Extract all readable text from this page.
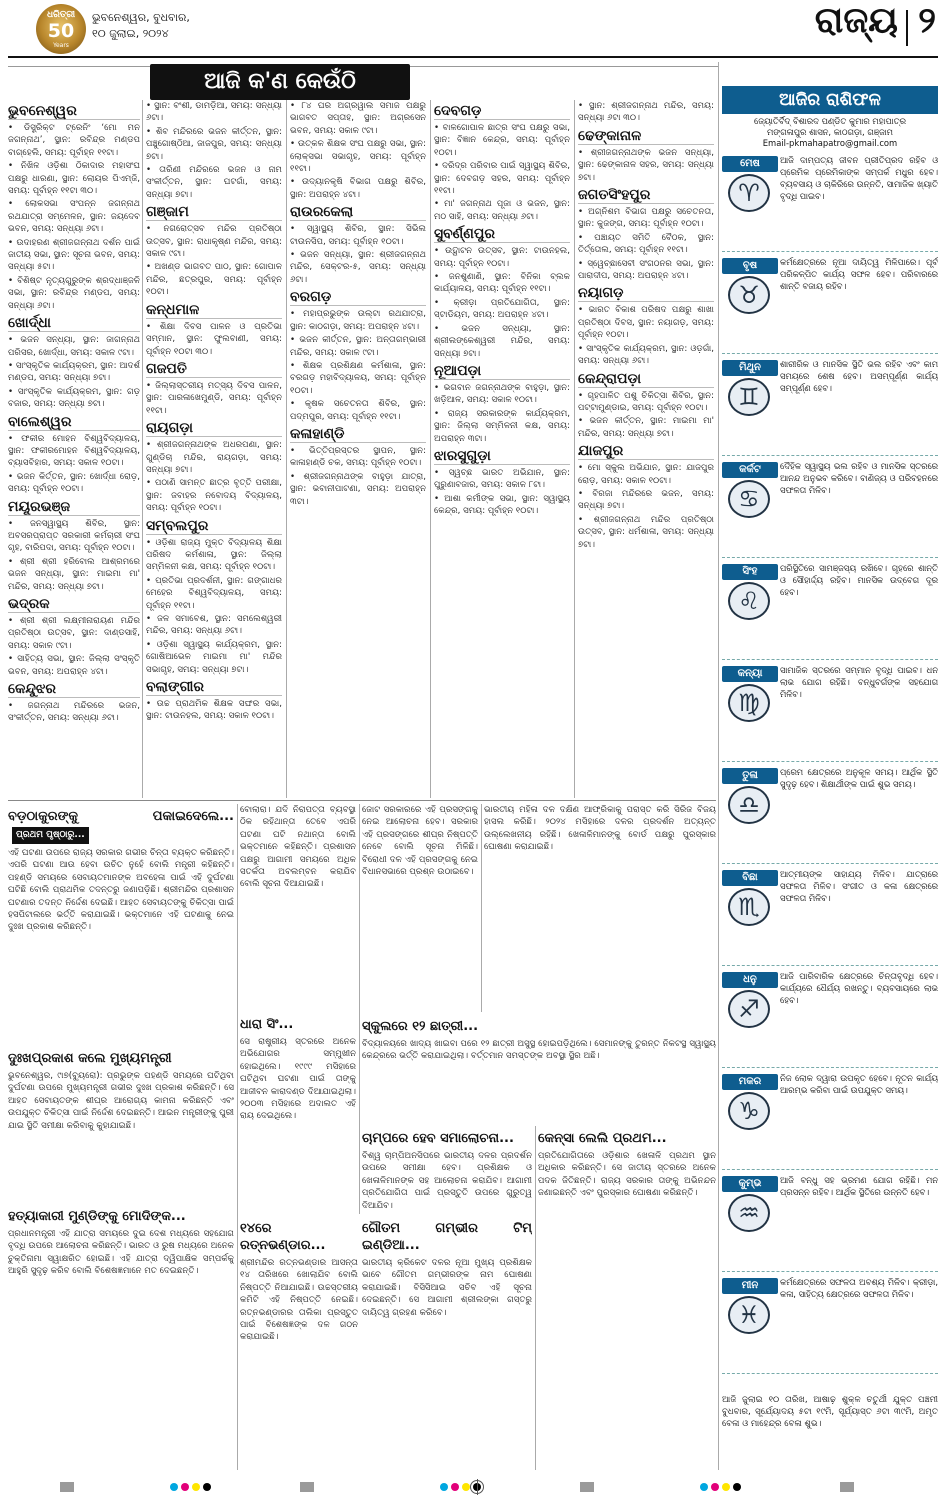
ଧରିତ୍ରୀ
50
Years
ଭୁବନେଶ୍ୱର, ବୁଧବାର,
୧୦ ଜୁଲାଇ, ୨୦୨୪	ରାଜ୍ୟ ୨
ଆଜି କ'ଣ କେଉଁଠି
ଭୁବନେଶ୍ୱର

• ଡିସ୍ଟ୍ରିକ୍ଟ ଟ୍ରେନିଂ ‘ମୋ ମନ ଜଗନ୍ନାଥ’, ସ୍ଥାନ: ରବିନ୍ଦ୍ର ମଣ୍ଡପ ବାଗ୍‌ହେଲି, ସମୟ: ପୂର୍ବାହ୍ନ ୧୧ଟା।

• ନିଖିଳ ଓଡ଼ିଶା ଠିକାଦାର ମହାସଂଘ ପକ୍ଷରୁ ଧାରଣା, ସ୍ଥାନ: ଲୋୟର ପିଏମ୍‌ଜି, ସମୟ: ପୂର୍ବାହ୍ନ ୧୧ଟା ୩୦।

• ଲୋକସଭା ସଂପନ୍ନ ଜଗନ୍ନାଥ ରଥଯାତ୍ରା ସମ୍ମେଳନ, ସ୍ଥାନ: ଜୟଦେବ ଭବନ, ସମୟ: ସନ୍ଧ୍ୟା ୬ଟା।

• ଉଦାହରଣ ଶ୍ରୀଜଗନ୍ନାଥ ଦର୍ଶନ ପାଇଁ ଜାତୀୟ ସଭା, ସ୍ଥାନ: ସୂଚନା ଭବନ, ସମୟ: ସନ୍ଧ୍ୟା ୫ଟା।

• ବିଶିଷ୍ଟ ନୃତ୍ୟଗୁରୁଙ୍କ ଶ୍ରଦ୍ଧାଞ୍ଜଳି ସଭା, ସ୍ଥାନ: ରବିନ୍ଦ୍ର ମଣ୍ଡପ, ସମୟ: ସନ୍ଧ୍ୟା ୬ଟା।

ଖୋର୍ଦ୍ଧା

• ଭଜନ ସନ୍ଧ୍ୟା, ସ୍ଥାନ: ଜାଗନ୍ନାଥ ପରିସର, ଖୋର୍ଦ୍ଧା, ସମୟ: ସକାଳ ୯ଟା।

• ସାଂସ୍କୃତିକ କାର୍ଯ୍ୟକ୍ରମ, ସ୍ଥାନ: ଆଦର୍ଶ ମଣ୍ଡପ, ସମୟ: ସନ୍ଧ୍ୟା ୭ଟା।

• ସାଂସ୍କୃତିକ କାର୍ଯ୍ୟକ୍ରମ, ସ୍ଥାନ: ଗଡ଼ ବଜାର, ସମୟ: ସନ୍ଧ୍ୟା ୭ଟା।

ବାଲେଶ୍ୱର

• ଫକୀର ମୋହନ ବିଶ୍ୱବିଦ୍ୟାଳୟ, ସ୍ଥାନ: ଫକୀରମୋହନ ବିଶ୍ୱବିଦ୍ୟାଳୟ, ବ୍ୟାସବିହାର, ସମୟ: ସକାଳ ୧୦ଟା।

• ଭଜନ କିର୍ତ୍ତନ, ସ୍ଥାନ: ଖୋର୍ଦ୍ଧା ରୋଡ଼, ସମୟ: ପୂର୍ବାହ୍ନ ୧୦ଟା।

ମୟୂରଭଞ୍ଜ

• ଜନସ୍ୱାସ୍ଥ୍ୟ ଶିବିର, ସ୍ଥାନ: ଅବସରପ୍ରାପ୍ତ ସରକାରୀ କର୍ମଚାରୀ ସଂଘ ଗୃହ, ବାରିପଦା, ସମୟ: ପୂର୍ବାହ୍ନ ୧୦ଟା।

• ଶ୍ରୀ ଶ୍ରୀ ହରିବୋଲ ଆଶ୍ରମରେ ଭଜନ ସନ୍ଧ୍ୟା, ସ୍ଥାନ: ମାଇମା ମା' ମନ୍ଦିର, ସମୟ: ସନ୍ଧ୍ୟା ୭ଟା।

ଭଦ୍ରକ

• ଶ୍ରୀ ଶ୍ରୀ ଲକ୍ଷ୍ମୀନାରାୟଣ ମନ୍ଦିର ପ୍ରତିଷ୍ଠା ଉତ୍ସବ, ସ୍ଥାନ: ଦାଣ୍ଡସାହି, ସମୟ: ସକାଳ ୯ଟା।

• ସାହିତ୍ୟ ସଭା, ସ୍ଥାନ: ଜିଲ୍ଲା ସଂସ୍କୃତି ଭବନ, ସମୟ: ଅପରାହ୍ନ ୪ଟା।

କେନ୍ଦୁଝର

• ଜଗନ୍ନାଥ ମନ୍ଦିରରେ ଭଜନ, ସଂକୀର୍ତ୍ତନ, ସମୟ: ସନ୍ଧ୍ୟା ୬ଟା।

• ସ୍ଥାନ: ବଂଶୀ, ଡାମଡ଼ିଆ, ସମୟ: ସନ୍ଧ୍ୟା ୬ଟା।

• ଶିବ ମନ୍ଦିରରେ ଭଜନ କୀର୍ତ୍ତନ, ସ୍ଥାନ: ପଞ୍ଚୁଗୋଷ୍ଠିଆ, ଜାଜପୁର, ସମୟ: ସନ୍ଧ୍ୟା ୭ଟା।

• ତାରିଣୀ ମନ୍ଦିରରେ ଭଜନ ଓ ନାମ ସଂକୀର୍ତ୍ତନ, ସ୍ଥାନ: ଘଟଗାଁ, ସମୟ: ସନ୍ଧ୍ୟା ୭ଟା।

ଗଞ୍ଜାମ

• ନଗରୋତ୍ସବ ମନ୍ଦିର ପ୍ରତିଷ୍ଠା ଉତ୍ସବ, ସ୍ଥାନ: ରାଧାକୃଷ୍ଣ ମନ୍ଦିର, ସମୟ: ସକାଳ ୯ଟା।

• ଅଖଣ୍ଡ ଭାଗବତ ପାଠ, ସ୍ଥାନ: ଗୋପାଳ ମନ୍ଦିର, ଛତ୍ରପୁର, ସମୟ: ପୂର୍ବାହ୍ନ ୧୦ଟା।

କନ୍ଧମାଳ

• ଶିକ୍ଷା ଦିବସ ପାଳନ ଓ ପ୍ରତିଭା ସମ୍ମାନ, ସ୍ଥାନ: ଫୁଲବାଣୀ, ସମୟ: ପୂର୍ବାହ୍ନ ୧୦ଟା ୩୦।

ଗଜପତି

• ଜିଲ୍ଲାସ୍ତରୀୟ ମତ୍ସ୍ୟ ଦିବସ ପାଳନ, ସ୍ଥାନ: ପାରଳାଖେମୁଣ୍ଡି, ସମୟ: ପୂର୍ବାହ୍ନ ୧୧ଟା।

ରାୟଗଡ଼ା

• ଶ୍ରୀଜଗନ୍ନାଥଙ୍କ ଅଧରପଣା, ସ୍ଥାନ: ଗୁଣ୍ଡିଚା ମନ୍ଦିର, ରାୟଗଡ଼ା, ସମୟ: ସନ୍ଧ୍ୟା ୭ଟା।

• ପଠାଣି ସାମନ୍ତ ଛାତ୍ର ବୃତ୍ତି ପରୀକ୍ଷା, ସ୍ଥାନ: ଜବାହର ନବୋଦୟ ବିଦ୍ୟାଳୟ, ସମୟ: ପୂର୍ବାହ୍ନ ୧୦ଟା।

ସମ୍ବଲପୁର

• ଓଡ଼ିଶା ରାଜ୍ୟ ମୁକ୍ତ ବିଦ୍ୟାଳୟ ଶିକ୍ଷା ପରିଷଦ କର୍ମଶାଳା, ସ୍ଥାନ: ଜିଲ୍ଲା ସମ୍ମିଳନୀ କକ୍ଷ, ସମୟ: ପୂର୍ବାହ୍ନ ୧୦ଟା।

• ପ୍ରତିଭା ପ୍ରଦର୍ଶନୀ, ସ୍ଥାନ: ଗଙ୍ଗାଧର ମେହେର ବିଶ୍ୱବିଦ୍ୟାଳୟ, ସମୟ: ପୂର୍ବାହ୍ନ ୧୧ଟା।

• ଜଳ ସମାବେଶ, ସ୍ଥାନ: ସମଲେଶ୍ୱରୀ ମନ୍ଦିର, ସମୟ: ସନ୍ଧ୍ୟା ୬ଟା।

• ଓଡ଼ିଶା ସ୍ୱାସ୍ଥ୍ୟ କାର୍ଯ୍ୟକ୍ରମ, ସ୍ଥାନ: ଗୋଷିଆଭେଳ ମାଇମା ମା' ମନ୍ଦିର ସଭାଗୃହ, ସମୟ: ସନ୍ଧ୍ୟା ୭ଟା।

ବଲାଙ୍ଗୀର

• ଉଚ୍ଚ ପ୍ରାଥମିକ ଶିକ୍ଷକ ସଙ୍ଘର ସଭା, ସ୍ଥାନ: ଟାଉନହଲ, ସମୟ: ସକାଳ ୧୦ଟା।

• ୮୪ ଘର ଅଗ୍ରୱାଲ ସମାଜ ପକ୍ଷରୁ ଭାଗବତ ସପ୍ତାହ, ସ୍ଥାନ: ଅଗ୍ରସେନ ଭବନ, ସମୟ: ସକାଳ ୯ଟା।

• ଉତ୍କଳ ଶିକ୍ଷକ ସଂଘ ପକ୍ଷରୁ ସଭା, ସ୍ଥାନ: ଲୋକ୍ସଭା ସଭାଗୃହ, ସମୟ: ପୂର୍ବାହ୍ନ ୧୧ଟା।

• ଉଦ୍ୟାନକୃଷି ବିଭାଗ ପକ୍ଷରୁ ଶିବିର, ସ୍ଥାନ: ଅପରାହ୍ନ ୪ଟା।

ରାଉରକେଲା

• ସ୍ୱାସ୍ଥ୍ୟ ଶିବିର, ସ୍ଥାନ: ସିଭିଲ ଟାଉନସିପ, ସମୟ: ପୂର୍ବାହ୍ନ ୧୦ଟା।

• ଭଜନ ସନ୍ଧ୍ୟା, ସ୍ଥାନ: ଶ୍ରୀଜଗନ୍ନାଥ ମନ୍ଦିର, ସେକ୍ଟର-୫, ସମୟ: ସନ୍ଧ୍ୟା ୬ଟା।

ବରଗଡ଼

• ମହାପ୍ରଭୁଙ୍କ ଉଲ୍ଟା ରଥଯାତ୍ରା, ସ୍ଥାନ: କାଠଗଡ଼ା, ସମୟ: ଅପରାହ୍ନ ୪ଟା।

• ଭଜନ କୀର୍ତ୍ତନ, ସ୍ଥାନ: ଅନ୍ତାଗମ୍ଭାରୀ ମନ୍ଦିର, ସମୟ: ସକାଳ ୯ଟା।

• ଶିକ୍ଷକ ପ୍ରଶିକ୍ଷଣ କର୍ମଶାଳା, ସ୍ଥାନ: ବରଗଡ଼ ମହାବିଦ୍ୟାଳୟ, ସମୟ: ପୂର୍ବାହ୍ନ ୧୦ଟା।

• କୃଷକ ସଚେତନତା ଶିବିର, ସ୍ଥାନ: ପଦ୍ମପୁର, ସମୟ: ପୂର୍ବାହ୍ନ ୧୧ଟା।

କଳାହାଣ୍ଡି

• ଭିତ୍ତିପ୍ରସ୍ତର ସ୍ଥାପନ, ସ୍ଥାନ: କାଳାହାଣ୍ଡି ଚକ, ସମୟ: ପୂର୍ବାହ୍ନ ୧୦ଟା।

• ଶ୍ରୀଜଗନ୍ନାଥଙ୍କ ବାହୁଡ଼ା ଯାତ୍ରା, ସ୍ଥାନ: ଭବାନୀପାଟଣା, ସମୟ: ଅପରାହ୍ନ ୩ଟା।

ଦେବଗଡ଼

• ବାଳଗୋପାଳ ଛାତ୍ର ସଂଘ ପକ୍ଷରୁ ସଭା, ସ୍ଥାନ: ବିଜ୍ଞାନ କେନ୍ଦ୍ର, ସମୟ: ପୂର୍ବାହ୍ନ ୧୦ଟା।

• ଦରିଦ୍ର ପରିବାର ପାଇଁ ସ୍ୱାସ୍ଥ୍ୟ ଶିବିର, ସ୍ଥାନ: ଦେବଗଡ଼ ସହର, ସମୟ: ପୂର୍ବାହ୍ନ ୧୧ଟା।

• ମା' ଜଗନ୍ନାଥ ପୂଜା ଓ ଭଜନ, ସ୍ଥାନ: ମଠ ସାହି, ସମୟ: ସନ୍ଧ୍ୟା ୬ଟା।

ସୁବର୍ଣ୍ଣପୁର

• ଉଦ୍ଘାଟନ ଉତ୍ସବ, ସ୍ଥାନ: ଟାଉନହଲ, ସମୟ: ପୂର୍ବାହ୍ନ ୧୦ଟା।

• ଜନଶୁଣାଣି, ସ୍ଥାନ: ବିନିକା ବ୍ଲକ କାର୍ଯ୍ୟାଳୟ, ସମୟ: ପୂର୍ବାହ୍ନ ୧୧ଟା।

• କ୍ରୀଡ଼ା ପ୍ରତିଯୋଗିତା, ସ୍ଥାନ: ସ୍ଟାଡିୟମ, ସମୟ: ଅପରାହ୍ନ ୪ଟା।

• ଭଜନ ସନ୍ଧ୍ୟା, ସ୍ଥାନ: ଶ୍ରୀଲଙ୍କେଶ୍ୱରୀ ମନ୍ଦିର, ସମୟ: ସନ୍ଧ୍ୟା ୭ଟା।

ନୂଆପଡ଼ା

• ଭଗବାନ ଜଗନ୍ନାଥଙ୍କ ବାହୁଡ଼ା, ସ୍ଥାନ: ଖଡ଼ିଆଳ, ସମୟ: ସକାଳ ୧୦ଟା।

• ରାଜ୍ୟ ସରକାରଙ୍କ କାର୍ଯ୍ୟକ୍ରମ, ସ୍ଥାନ: ଜିଲ୍ଲା ସମ୍ମିଳନୀ କକ୍ଷ, ସମୟ: ଅପରାହ୍ନ ୩ଟା।

ଝାରସୁଗୁଡ଼ା

• ସ୍ୱଚ୍ଛ ଭାରତ ଅଭିଯାନ, ସ୍ଥାନ: ପୁରୁଣାବଜାର, ସମୟ: ସକାଳ ୮ଟା।

• ଆଶା କର୍ମୀଙ୍କ ସଭା, ସ୍ଥାନ: ସ୍ୱାସ୍ଥ୍ୟ କେନ୍ଦ୍ର, ସମୟ: ପୂର୍ବାହ୍ନ ୧୦ଟା।

• ସ୍ଥାନ: ଶ୍ରୀଜଗନ୍ନାଥ ମନ୍ଦିର, ସମୟ: ସନ୍ଧ୍ୟା ୬ଟା ୩୦।

ଢେଙ୍କାନାଳ

• ଶ୍ରୀଜଗନ୍ନାଥଙ୍କ ଭଜନ ସନ୍ଧ୍ୟା, ସ୍ଥାନ: ଢେଙ୍କାନାଳ ସହର, ସମୟ: ସନ୍ଧ୍ୟା ୭ଟା।

ଜଗତସିଂହପୁର

• ଅଗ୍ନିଶମ ବିଭାଗ ପକ୍ଷରୁ ସଚେତନତା, ସ୍ଥାନ: କୁଜଙ୍ଗ, ସମୟ: ପୂର୍ବାହ୍ନ ୧୦ଟା।

• ପଞ୍ଚାୟତ ସମିତି ବୈଠକ, ସ୍ଥାନ: ତିର୍ତ୍ତୋଲ, ସମୟ: ପୂର୍ବାହ୍ନ ୧୧ଟା।

• ସ୍ୱେଚ୍ଛାସେବୀ ସଂଗଠନର ସଭା, ସ୍ଥାନ: ପାରାଦୀପ, ସମୟ: ଅପରାହ୍ନ ୪ଟା।

ନୟାଗଡ଼

• ଭାରତ ବିକାଶ ପରିଷଦ ପକ୍ଷରୁ ଶାଖା ପ୍ରତିଷ୍ଠା ଦିବସ, ସ୍ଥାନ: ନୟାଗଡ଼, ସମୟ: ପୂର୍ବାହ୍ନ ୧୦ଟା।

• ସାଂସ୍କୃତିକ କାର୍ଯ୍ୟକ୍ରମ, ସ୍ଥାନ: ଓଡ଼ଗାଁ, ସମୟ: ସନ୍ଧ୍ୟା ୬ଟା।

କେନ୍ଦ୍ରାପଡ଼ା

• ଗୃହପାଳିତ ପଶୁ ଚିକିତ୍ସା ଶିବିର, ସ୍ଥାନ: ପଟ୍ଟାମୁଣ୍ଡାଇ, ସମୟ: ପୂର୍ବାହ୍ନ ୧୦ଟା।

• ଭଜନ କୀର୍ତ୍ତନ, ସ୍ଥାନ: ମାଇମା ମା' ମନ୍ଦିର, ସମୟ: ସନ୍ଧ୍ୟା ୭ଟା।

ଯାଜପୁର

• ମୋ ସ୍କୁଲ ଅଭିଯାନ, ସ୍ଥାନ: ଯାଜପୁର ରୋଡ଼, ସମୟ: ସକାଳ ୧୦ଟା।

• ବିରଜା ମନ୍ଦିରରେ ଭଜନ, ସମୟ: ସନ୍ଧ୍ୟା ୭ଟା।

• ଶ୍ରୀଜଗନ୍ନାଥ ମନ୍ଦିର ପ୍ରତିଷ୍ଠା ଉତ୍ସବ, ସ୍ଥାନ: ଧର୍ମଶାଳା, ସମୟ: ସନ୍ଧ୍ୟା ୭ଟା।

ଆଜିର ରାଶିଫଳ
ଜ୍ୟୋତିର୍ବିଦ୍ ବିଶାରଦ ପଣ୍ଡିତ କୁମାର ମହାପାତ୍ର
ମଙ୍ଗଳାପୁର ଶାସନ, କାଠଗଡ଼ା, ଗଞ୍ଜାମ
Email-pkmahapatro@gmail.com
ମେଷ
♈
ଆଜି ଦାମ୍ପତ୍ୟ ଜୀବନ ପ୍ରୀତିପ୍ରଦ ରହିବ ଓ ପ୍ରେମିକ ପ୍ରେମିକାଙ୍କ ସମ୍ପର୍କ ମଧୁର ହେବ। ବ୍ୟବସାୟ ଓ ଚାକିରିରେ ଉନ୍ନତି, ସାମାଜିକ ଖ୍ୟାତି ବୃଦ୍ଧି ପାଇବ।
ବୃଷ
♉
କର୍ମକ୍ଷେତ୍ରରେ ନୂଆ ଦାୟିତ୍ୱ ମିଳିପାରେ। ପୂର୍ବ ପରିକଳ୍ପିତ କାର୍ଯ୍ୟ ସଫଳ ହେବ। ପରିବାରରେ ଶାନ୍ତି ବଜାୟ ରହିବ।
ମିଥୁନ
♊
ଶାରୀରିକ ଓ ମାନସିକ ସ୍ଥିତି ଭଲ ରହିବ ଏବଂ କାମ ସମୟରେ ଶେଷ ହେବ। ଅସମ୍ପୂର୍ଣ୍ଣ କାର୍ଯ୍ୟ ସମ୍ପୂର୍ଣ୍ଣ ହେବ।
କର୍କଟ
♋
ଦୈହିକ ସ୍ୱାସ୍ଥ୍ୟ ଭଲ ରହିବ ଓ ମାନସିକ ସ୍ତରରେ ଆନନ୍ଦ ଅନୁଭବ କରିବେ। ବାଣିଜ୍ୟ ଓ ପରିବହନରେ ସଫଳତା ମିଳିବ।
ସିଂହ
♌
ପରିସ୍ଥିତିରେ ସାମଞ୍ଜସ୍ୟ ରଖିବେ। ଗୃହରେ ଶାନ୍ତି ଓ ସୌହାର୍ଦ୍ଦ୍ୟ ରହିବ। ମାନସିକ ଉଦ୍‌ବେଗ ଦୂର ହେବ।
କନ୍ୟା
♍
ସାମାଜିକ ସ୍ତରରେ ସମ୍ମାନ ବୃଦ୍ଧି ପାଇବ। ଧନ ଲାଭ ଯୋଗ ରହିଛି। ବନ୍ଧୁବର୍ଗଙ୍କ ସହଯୋଗ ମିଳିବ।
ତୁଳା
♎
ପ୍ରେମ କ୍ଷେତ୍ରରେ ଅନୁକୂଳ ସମୟ। ଆର୍ଥିକ ସ୍ଥିତି ସୁଦୃଢ଼ ହେବ। ଶିକ୍ଷାର୍ଥୀଙ୍କ ପାଇଁ ଶୁଭ ସମୟ।
ବିଛା
♏
ଆତ୍ମୀୟଙ୍କ ସାହାଯ୍ୟ ମିଳିବ। ଯାତ୍ରାରେ ସଫଳତା ମିଳିବ। ସଂଗୀତ ଓ କଳା କ୍ଷେତ୍ରରେ ସଫଳତା ମିଳିବ।
ଧନୁ
♐
ଆଜି ପାରିବାରିକ କ୍ଷେତ୍ରରେ ଚିନ୍ତାବୃଦ୍ଧି ହେବ। କାର୍ଯ୍ୟରେ ଧୈର୍ଯ୍ୟ ରଖନ୍ତୁ। ବ୍ୟବସାୟରେ ଲାଭ ହେବ।
ମକର
♑
ନିଜ ଲୋକ ଦ୍ୱାରା ଉପକୃତ ହେବେ। ନୂତନ କାର୍ଯ୍ୟ ଆରମ୍ଭ କରିବା ପାଇଁ ଉପଯୁକ୍ତ ସମୟ।
କୁମ୍ଭ
♒
ଆଜି ବନ୍ଧୁ ସହ ଭ୍ରମଣ ଯୋଗ ରହିଛି। ମନ ପ୍ରସନ୍ନ ରହିବ। ଆର୍ଥିକ ସ୍ଥିତିରେ ଉନ୍ନତି ହେବ।
ମୀନ
♓
କର୍ମକ୍ଷେତ୍ରରେ ସଫଳତା ଅବଶ୍ୟ ମିଳିବ। କ୍ରୀଡ଼ା, କଳା, ସାହିତ୍ୟ କ୍ଷେତ୍ରରେ ସଫଳତା ମିଳିବ।
ଆଜି ଜୁଲାଇ ୧୦ ତାରିଖ, ଆଷାଢ଼ ଶୁକ୍ଳ ଚତୁର୍ଥୀ ଯୁକ୍ତ ପଞ୍ଚମୀ ବୁଧବାର, ସୂର୍ଯ୍ୟୋଦୟ ୫ଟା ୧୯ମି, ସୂର୍ଯ୍ୟାସ୍ତ ୬ଟା ୩୯ମି, ଅମୃତ ବେଳା ଓ ମାହେନ୍ଦ୍ର ବେଳା ଶୁଭ।
ବଡ଼ଠାକୁରଙ୍କୁ ପକାଇଦେଲେ... ପ୍ରଥମ ପୃଷ୍ଠାରୁ...

ଏହି ଘଟଣା ଉପରେ ରାଜ୍ୟ ସରକାର ଗଭୀର ଚିନ୍ତା ବ୍ୟକ୍ତ କରିଛନ୍ତି। ଏପରି ଘଟଣା ଆଉ ହେବା ଉଚିତ ନୁହେଁ ବୋଲି ମନ୍ତ୍ରୀ କହିଛନ୍ତି। ପହଣ୍ଡି ସମୟରେ ସେବାୟତମାନଙ୍କ ଅବହେଳା ପାଇଁ ଏହି ଦୁର୍ଘଟଣା ଘଟିଛି ବୋଲି ପ୍ରାଥମିକ ତଦନ୍ତରୁ ଜଣାପଡ଼ିଛି। ଶ୍ରୀମନ୍ଦିର ପ୍ରଶାସନ ଘଟଣାର ତଦନ୍ତ ନିର୍ଦ୍ଦେଶ ଦେଇଛି। ଆହତ ସେବାୟତଙ୍କୁ ଚିକିତ୍ସା ପାଇଁ ହସପିଟାଲରେ ଭର୍ତ୍ତି କରାଯାଇଛି। ଭକ୍ତମାନେ ଏହି ଘଟଣାକୁ ନେଇ ଦୁଃଖ ପ୍ରକାଶ କରିଛନ୍ତି।

ଦୁଃଖପ୍ରକାଶ କଲେ ମୁଖ୍ୟମନ୍ତ୍ରୀ

ଭୁବନେଶ୍ୱର, ୯ା୭(ବ୍ୟୁରୋ): ପ୍ରଭୁଙ୍କ ପହଣ୍ଡି ସମୟରେ ଘଟିଥିବା ଦୁର୍ଘଟଣା ଉପରେ ମୁଖ୍ୟମନ୍ତ୍ରୀ ଗଭୀର ଦୁଃଖ ପ୍ରକାଶ କରିଛନ୍ତି। ସେ ଆହତ ସେବାୟତଙ୍କ ଶୀଘ୍ର ଆରୋଗ୍ୟ କାମନା କରିଛନ୍ତି ଏବଂ ଉପଯୁକ୍ତ ଚିକିତ୍ସା ପାଇଁ ନିର୍ଦ୍ଦେଶ ଦେଇଛନ୍ତି। ଆଇନ ମନ୍ତ୍ରୀଙ୍କୁ ପୁରୀ ଯାଇ ସ୍ଥିତି ସମୀକ୍ଷା କରିବାକୁ କୁହାଯାଇଛି।

ହତ୍ୟାକାରୀ ମୁଣ୍ଡିଙ୍କୁ ମୋଦିଙ୍କ...

ପ୍ରଧାନମନ୍ତ୍ରୀ ଏହି ଯାତ୍ରା ସମୟରେ ଦୁଇ ଦେଶ ମଧ୍ୟରେ ସହଯୋଗ ବୃଦ୍ଧି ଉପରେ ଆଲୋଚନା କରିଛନ୍ତି। ଭାରତ ଓ ରୁଷ ମଧ୍ୟରେ ଅନେକ ଚୁକ୍ତିନାମା ସ୍ୱାକ୍ଷରିତ ହୋଇଛି। ଏହି ଯାତ୍ରା ଦ୍ୱିପାକ୍ଷିକ ସମ୍ପର୍କକୁ ଆହୁରି ସୁଦୃଢ଼ କରିବ ବୋଲି ବିଶେଷଜ୍ଞମାନେ ମତ ଦେଇଛନ୍ତି।

ବୋଲାରା। ଯଦି ନିରାପତ୍ତା ବ୍ୟବସ୍ଥା ଠିକ ରହିଥାନ୍ତା ତେବେ ଏପରି ଘଟଣା ଘଟି ନଥାନ୍ତା ବୋଲି ଭକ୍ତମାନେ କହିଛନ୍ତି। ପ୍ରଶାସନ ପକ୍ଷରୁ ଆଗାମୀ ସମୟରେ ଅଧିକ ସତର୍କତା ଅବଲମ୍ବନ କରାଯିବ ବୋଲି ସୂଚନା ଦିଆଯାଇଛି।

ଧାରା ସିଂ...

ସେ ରାଷ୍ଟ୍ରୀୟ ସ୍ତରରେ ଅନେକ ଅଭିଯୋଗର ସମ୍ମୁଖୀନ ହୋଇଥିଲେ। ୧୯୯୯ ମସିହାରେ ଘଟିଥିବା ଘଟଣା ପାଇଁ ତାଙ୍କୁ ଆଜୀବନ କାରାଦଣ୍ଡ ଦିଆଯାଇଥିଲା। ୨୦୦୩ ମସିହାରେ ଅଦାଲତ ଏହି ରାୟ ଦେଇଥିଲେ।

ଜୋଟ ସରକାରରେ ଏହି ପ୍ରସଙ୍ଗକୁ ନେଇ ଆଲୋଚନା ହେବ। ସରକାର ଏହି ପ୍ରସଙ୍ଗରେ ଶୀଘ୍ର ନିଷ୍ପତ୍ତି ନେବେ ବୋଲି ସୂଚନା ମିଳିଛି। ବିରୋଧୀ ଦଳ ଏହି ପ୍ରସଙ୍ଗକୁ ନେଇ ବିଧାନସଭାରେ ପ୍ରଶ୍ନ ଉଠାଇବେ।

ସ୍କୁଲରେ ୧୨ ଛାତ୍ରୀ...

ବିଦ୍ୟାଳୟରେ ଖାଦ୍ୟ ଖାଇବା ପରେ ୧୨ ଛାତ୍ରୀ ଅସୁସ୍ଥ ହୋଇପଡ଼ିଥିଲେ। ସେମାନଙ୍କୁ ତୁରନ୍ତ ନିକଟସ୍ଥ ସ୍ୱାସ୍ଥ୍ୟ କେନ୍ଦ୍ରରେ ଭର୍ତ୍ତି କରାଯାଇଥିଲା। ବର୍ତ୍ତମାନ ସମସ୍ତଙ୍କ ଅବସ୍ଥା ସ୍ଥିର ଅଛି।

ଚାମ୍ପରେ ହେବ ସମାଲୋଚନା...

ବିଶ୍ୱ ଚାମ୍ପିଅନସିପରେ ଭାରତୀୟ ଦଳର ପ୍ରଦର୍ଶନ ଉପରେ ସମୀକ୍ଷା ହେବ। ପ୍ରଶିକ୍ଷକ ଓ ଖେଳାଳିମାନଙ୍କ ସହ ଆଲୋଚନା କରାଯିବ। ଆଗାମୀ ପ୍ରତିଯୋଗିତା ପାଇଁ ପ୍ରସ୍ତୁତି ଉପରେ ଗୁରୁତ୍ୱ ଦିଆଯିବ।

ଗୌତମ ଗମ୍ଭୀର ଟିମ୍ ଇଣ୍ଡିଆ...

ଭାରତୀୟ କ୍ରିକେଟ ଦଳର ନୂଆ ମୁଖ୍ୟ ପ୍ରଶିକ୍ଷକ ଭାବେ ଗୌତମ ଗମ୍ଭୀରଙ୍କ ନାମ ଘୋଷଣା କରାଯାଇଛି। ବିସିସିଆଇ ସଚିବ ଏହି ସୂଚନା ଦେଇଛନ୍ତି। ସେ ଆଗାମୀ ଶ୍ରୀଲଙ୍କା ଗସ୍ତରୁ ଦାୟିତ୍ୱ ଗ୍ରହଣ କରିବେ।

୧୪ରେ ରତ୍ନଭଣ୍ଡାର...

ଶ୍ରୀମନ୍ଦିର ରତ୍ନଭଣ୍ଡାର ଆସନ୍ତା ୧୪ ତାରିଖରେ ଖୋଲାଯିବ ବୋଲି ନିଷ୍ପତ୍ତି ନିଆଯାଇଛି। ଉଚ୍ଚସ୍ତରୀୟ କମିଟି ଏହି ନିଷ୍ପତ୍ତି ନେଇଛି। ରତ୍ନଭଣ୍ଡାରର ତାଲିକା ପ୍ରସ୍ତୁତ ପାଇଁ ବିଶେଷଜ୍ଞଙ୍କ ଦଳ ଗଠନ କରାଯାଇଛି।

ଭାରତୀୟ ମହିଳା ଦଳ ଦକ୍ଷିଣ ଆଫ୍ରିକାକୁ ପରାସ୍ତ କରି ସିରିଜ ବିଜୟ ହାସଲ କରିଛି। ୨୦୨୪ ମସିହାରେ ଦଳର ପ୍ରଦର୍ଶନ ଅତ୍ୟନ୍ତ ଉଲ୍ଲେଖନୀୟ ରହିଛି। ଖେଳାଳିମାନଙ୍କୁ ବୋର୍ଡ ପକ୍ଷରୁ ପୁରସ୍କାର ଘୋଷଣା କରାଯାଇଛି।

କେନ୍ସା ଲେଲି ପ୍ରଥମ...

ପ୍ରତିଯୋଗିତାରେ ଓଡ଼ିଶାର ଖେଳାଳି ପ୍ରଥମ ସ୍ଥାନ ଅଧିକାର କରିଛନ୍ତି। ସେ ଜାତୀୟ ସ୍ତରରେ ଅନେକ ପଦକ ଜିତିଛନ୍ତି। ରାଜ୍ୟ ସରକାର ତାଙ୍କୁ ଅଭିନନ୍ଦନ ଜଣାଇଛନ୍ତି ଏବଂ ପୁରସ୍କାର ଘୋଷଣା କରିଛନ୍ତି।
